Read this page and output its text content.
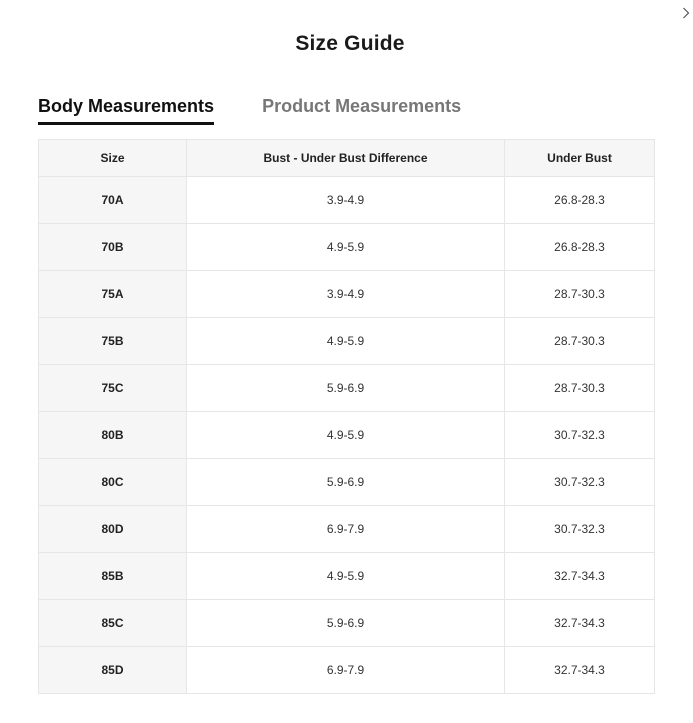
Size Guide
Body Measurements	Product Measurements
Size	Bust - Under Bust Difference	Under Bust
70A	3.9-4.9	26.8-28.3
70B	4.9-5.9	26.8-28.3
75A	3.9-4.9	28.7-30.3
75B	4.9-5.9	28.7-30.3
75C	5.9-6.9	28.7-30.3
80B	4.9-5.9	30.7-32.3
80C	5.9-6.9	30.7-32.3
80D	6.9-7.9	30.7-32.3
85B	4.9-5.9	32.7-34.3
85C	5.9-6.9	32.7-34.3
85D	6.9-7.9	32.7-34.3
